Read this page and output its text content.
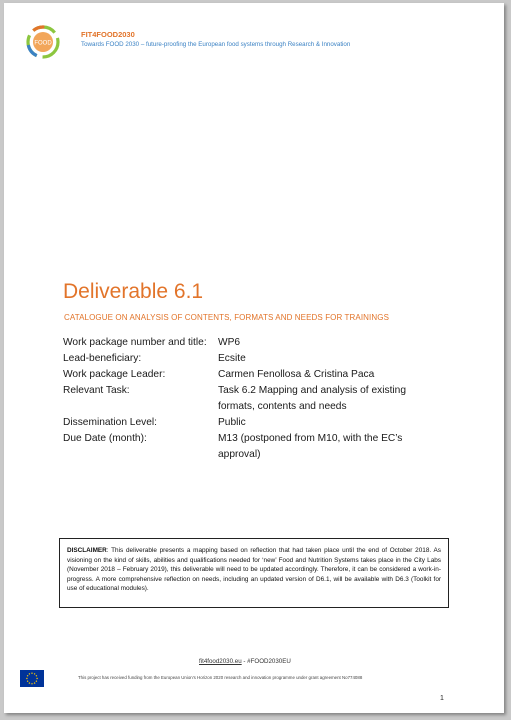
FOOD
FIT4FOOD2030
Towards FOOD 2030 – future-proofing the European food systems through Research & Innovation
Deliverable 6.1
CATALOGUE ON ANALYSIS OF CONTENTS, FORMATS AND NEEDS FOR TRAININGS
Work package number and title:	WP6
Lead-beneficiary:	Ecsite
Work package Leader:	Carmen Fenollosa & Cristina Paca
Relevant Task:	Task 6.2 Mapping and analysis of existing formats, contents and needs
Dissemination Level:	Public
Due Date (month):	M13 (postponed from M10, with the EC’s approval)
DISCLAIMER: This deliverable presents a mapping based on reflection that had taken place until the end of October 2018. As visioning on the kind of skills, abilities and qualifications needed for ‘new’ Food and Nutrition Systems takes place in the City Labs (November 2018 – February 2019), this deliverable will need to be updated accordingly. Therefore, it can be considered a work-in-progress. A more comprehensive reflection on needs, including an updated version of D6.1, will be available with D6.3 (Toolkit for use of educational modules).
fit4food2030.eu - #FOOD2030EU
This project has received funding from the European Union’s Horizon 2020 research and innovation programme under grant agreement No774088
1
